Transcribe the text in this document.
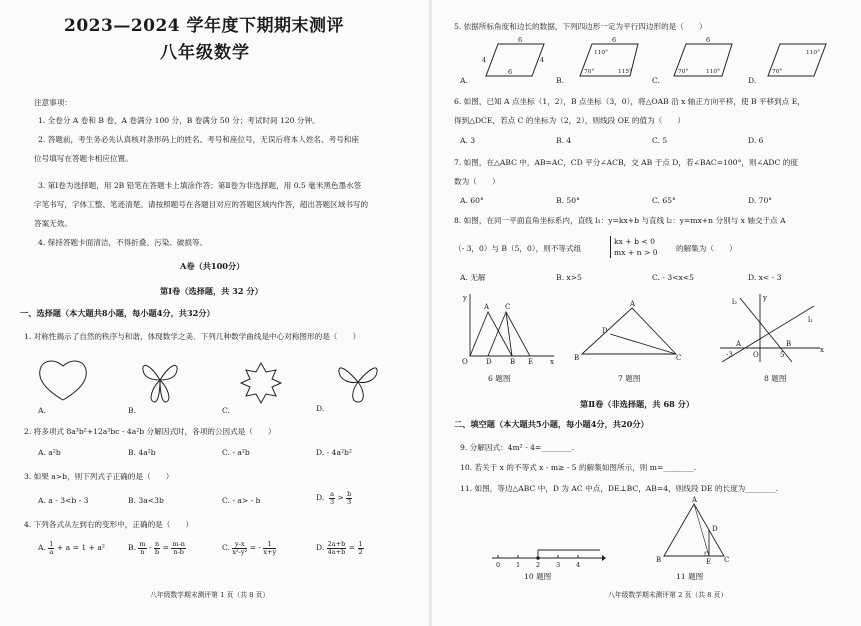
2023—2024 学年度下期期末测评
八年级数学
注意事项：
1. 全卷分 A 卷和 B 卷，A 卷满分 100 分，B 卷满分 50 分；考试时间 120 分钟。
2. 答题前，考生务必先认真核对条形码上的姓名、考号和座位号，无误后将本人姓名、考号和座
位号填写在答题卡相应位置。
3. 第Ⅰ卷为选择题，用 2B 铅笔在答题卡上填涂作答；第Ⅱ卷为非选择题，用 0.5 毫米黑色墨水签
字笔书写，字体工整、笔迹清楚。请按照题号在各题目对应的答题区域内作答，超出答题区域书写的
答案无效。
4. 保持答题卡面清洁，不得折叠、污染、破损等。
A卷（共100分）
第Ⅰ卷（选择题，共 32 分）
一、选择题（本大题共8小题，每小题4分，共32分）
1. 对称性揭示了自然的秩序与和谐，体现数学之美．下列几种数学曲线是中心对称图形的是（　　）
A.	B.	C.	D.
2. 将多项式 8a³b²+12a³bc - 4a²b 分解因式时，各项的公因式是（　　）
A. a²b	B. 4a²b	C. - a²b	D. - 4a²b²
3. 如果 a>b，则下列式子正确的是（　　）
A. a - 3<b - 3	B. 3a<3b	C. - a> - b	D. $\frac{a}{3} > \frac{b}{3}$
4. 下列各式从左到右的变形中，正确的是（　　）
A. $\frac{1}{a} + a = 1 + a^2$	B. $\frac{m}{n} - \frac{n}{b} = \frac{m-n}{n-b}$	C. $\frac{y-x}{\text{x²-y²}}$ = - $\frac{1}{x+y}$	D. $\frac{2a+b}{4a+b} = \frac{1}{2}$
八年级数学期末测评第 1 页（共 8 页）
5. 依据所标角度和边长的数据，下列四边形一定为平行四边形的是（　　）
6
4	4
6
6
110°
70°	115°
6
70°	110°
110°
70°
A.	B.	C.	D.
6. 如图，已知 A 点坐标（1，2），B 点坐标（3，0），将△OAB 沿 x 轴正方向平移，使 B 平移到点 E，
得到△DCE，若点 C 的坐标为（2，2），则线段 OE 的值为（　　）
A. 3	B. 4	C. 5	D. 6
7. 如图，在△ABC 中，AB=AC，CD 平分∠ACB，交 AB 于点 D，若∠BAC=100°，则∠ADC 的度
数为（　　）
A. 60°	B. 50°	C. 65°	D. 70°
8. 如图，在同一平面直角坐标系内，直线 l₁：y=kx+b 与直线 l₂：y=mx+n 分别与 x 轴交于点 A
（- 3，0）与 B（5，0），则不等式组
kx + b < 0
mx + n > 0 的解集为（　　）
A. 无解	B. x>5	C. - 3<x<5	D. x< - 3
y
A C
O	D	B E x
6 题图
A
D
B	C
7 题图
l₂	y
l₁
A
-3	O	5
B
x
8 题图
第Ⅱ卷（非选择题，共 68 分）
二、填空题（本大题共5小题，每小题4分，共20分）
9. 分解因式：4m² - 4=________.
10. 若关于 x 的不等式 x - m≥ - 5 的解集如图所示，则 m=________.
11. 如图，等边△ABC 中，D 为 AC 中点，DE⊥BC，AB=4，则线段 DE 的长度为________.
0 1 2 3 4
10 题图
A
D
B	E C
11 题图
八年级数学期末测评第 2 页（共 8 页）
